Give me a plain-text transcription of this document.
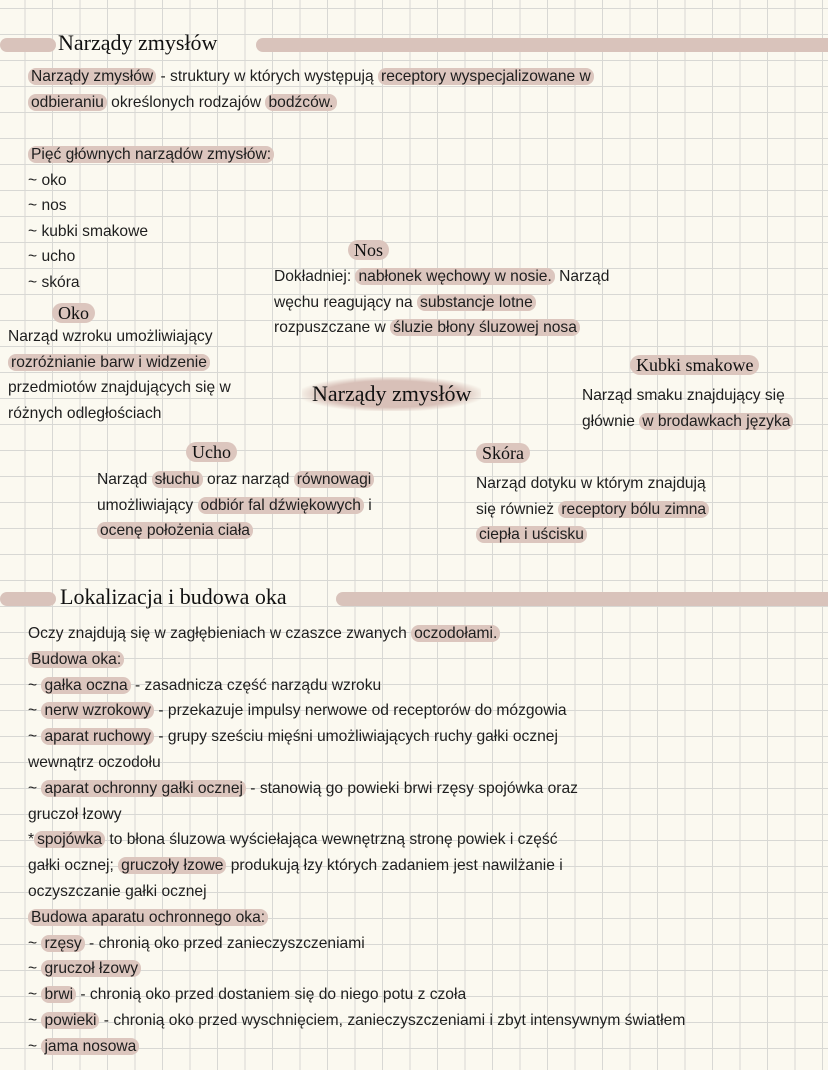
Narządy zmysłów
Narządy zmysłów - struktury w których występują receptory wyspecjalizowane w
odbieraniu określonych rodzajów bodźców.
Pięć głównych narządów zmysłów:
~ oko
~ nos
~ kubki smakowe
~ ucho
~ skóra
Nos
Dokładniej: nabłonek węchowy w nosie. Narząd
węchu reagujący na substancje lotne
rozpuszczane w śluzie błony śluzowej nosa
Oko
Narząd wzroku umożliwiający
rozróżnianie barw i widzenie
przedmiotów znajdujących się w
różnych odległościach
Narządy zmysłów
Kubki smakowe
Narząd smaku znajdujący się
głównie w brodawkach języka
Ucho
Narząd słuchu oraz narząd równowagi
umożliwiający odbiór fal dźwiękowych i
ocenę położenia ciała
Skóra
Narząd dotyku w którym znajdują
się również receptory bólu zimna
ciepła i uścisku
Lokalizacja i budowa oka
Oczy znajdują się w zagłębieniach w czaszce zwanych oczodołami.
Budowa oka:
~ gałka oczna - zasadnicza część narządu wzroku
~ nerw wzrokowy - przekazuje impulsy nerwowe od receptorów do mózgowia
~ aparat ruchowy - grupy sześciu mięśni umożliwiających ruchy gałki ocznej
wewnątrz oczodołu
~ aparat ochronny gałki ocznej - stanowią go powieki brwi rzęsy spojówka oraz
gruczoł łzowy
* spojówka to błona śluzowa wyściełająca wewnętrzną stronę powiek i część
gałki ocznej; gruczoły łzowe produkują łzy których zadaniem jest nawilżanie i
oczyszczanie gałki ocznej
Budowa aparatu ochronnego oka:
~ rzęsy - chronią oko przed zanieczyszczeniami
~ gruczoł łzowy
~ brwi - chronią oko przed dostaniem się do niego potu z czoła
~ powieki - chronią oko przed wyschnięciem, zanieczyszczeniami i zbyt intensywnym światłem
~ jama nosowa
